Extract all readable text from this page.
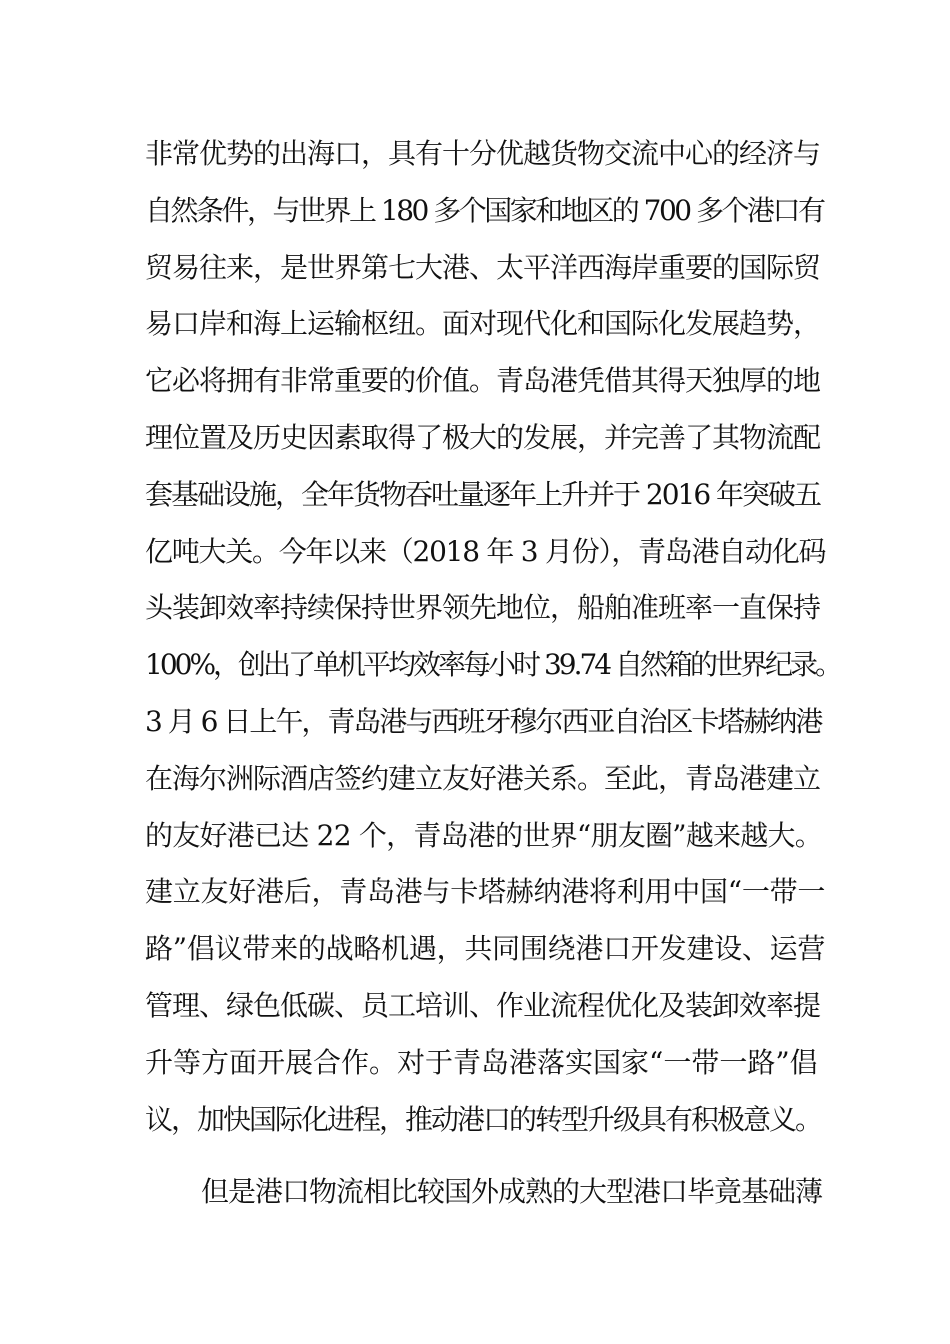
非常优势的出海口，具有十分优越货物交流中心的经济与
自然条件，与世界上 180 多个国家和地区的 700 多个港口有
贸易往来，是世界第七大港、太平洋西海岸重要的国际贸
易口岸和海上运输枢纽。面对现代化和国际化发展趋势，
它必将拥有非常重要的价值。青岛港凭借其得天独厚的地
理位置及历史因素取得了极大的发展，并完善了其物流配
套基础设施，全年货物吞吐量逐年上升并于 2016 年突破五
亿吨大关。今年以来（2018 年 3 月份），青岛港自动化码
头装卸效率持续保持世界领先地位，船舶准班率一直保持
100%，创出了单机平均效率每小时 39.74 自然箱的世界纪录。
3 月 6 日上午，青岛港与西班牙穆尔西亚自治区卡塔赫纳港
在海尔洲际酒店签约建立友好港关系。至此，青岛港建立
的友好港已达 22 个，青岛港的世界“朋友圈”越来越大。
建立友好港后，青岛港与卡塔赫纳港将利用中国“一带一
路”倡议带来的战略机遇，共同围绕港口开发建设、运营
管理、绿色低碳、员工培训、作业流程优化及装卸效率提
升等方面开展合作。对于青岛港落实国家“一带一路”倡
议，加快国际化进程，推动港口的转型升级具有积极意义。
但是港口物流相比较国外成熟的大型港口毕竟基础薄
